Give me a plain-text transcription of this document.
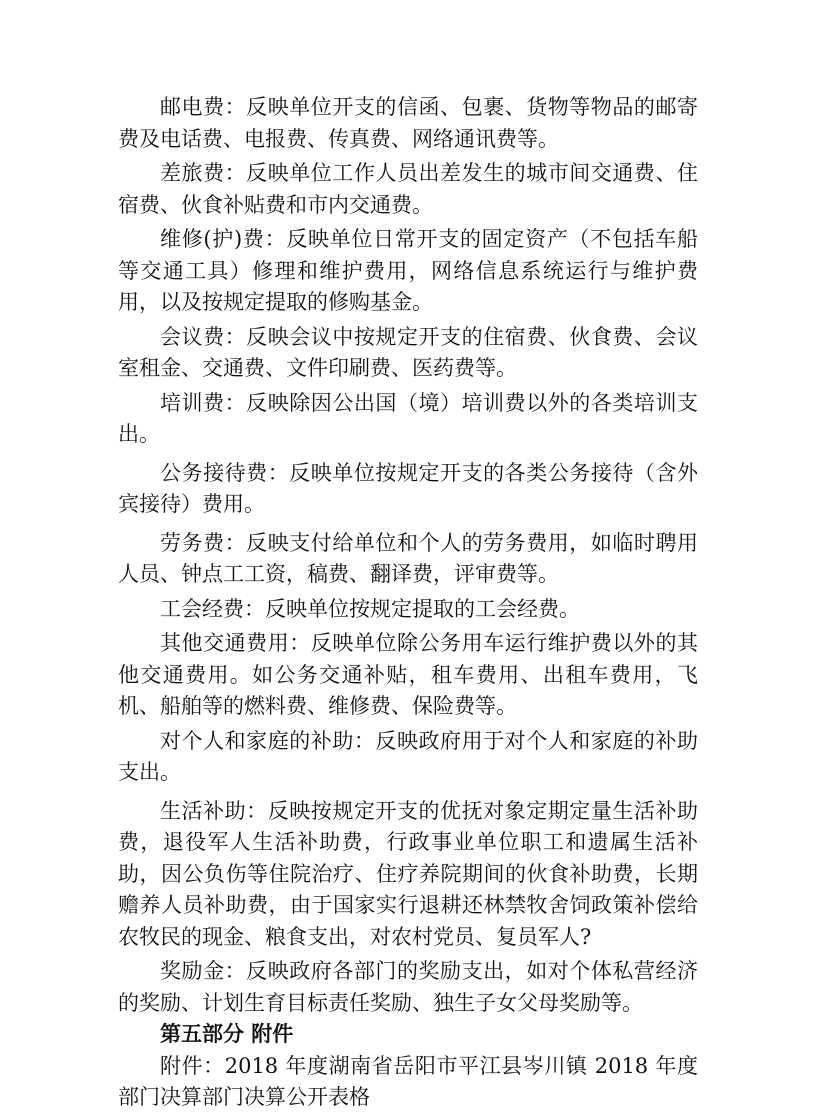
邮电费：反映单位开支的信函、包裹、货物等物品的邮寄费及电话费、电报费、传真费、网络通讯费等。

差旅费：反映单位工作人员出差发生的城市间交通费、住宿费、伙食补贴费和市内交通费。

维修(护)费：反映单位日常开支的固定资产（不包括车船等交通工具）修理和维护费用，网络信息系统运行与维护费用，以及按规定提取的修购基金。

会议费：反映会议中按规定开支的住宿费、伙食费、会议室租金、交通费、文件印刷费、医药费等。

培训费：反映除因公出国（境）培训费以外的各类培训支出。

公务接待费：反映单位按规定开支的各类公务接待（含外宾接待）费用。

劳务费：反映支付给单位和个人的劳务费用，如临时聘用人员、钟点工工资，稿费、翻译费，评审费等。

工会经费：反映单位按规定提取的工会经费。

其他交通费用：反映单位除公务用车运行维护费以外的其他交通费用。如公务交通补贴，租车费用、出租车费用，飞机、船舶等的燃料费、维修费、保险费等。

对个人和家庭的补助：反映政府用于对个人和家庭的补助支出。

生活补助：反映按规定开支的优抚对象定期定量生活补助费，退役军人生活补助费，行政事业单位职工和遗属生活补助，因公负伤等住院治疗、住疗养院期间的伙食补助费，长期赡养人员补助费，由于国家实行退耕还林禁牧舍饲政策补偿给农牧民的现金、粮食支出，对农村党员、复员军人?

奖励金：反映政府各部门的奖励支出，如对个体私营经济的奖励、计划生育目标责任奖励、独生子女父母奖励等。

第五部分 附件

附件：2018 年度湖南省岳阳市平江县岑川镇 2018 年度部门决算部门决算公开表格
